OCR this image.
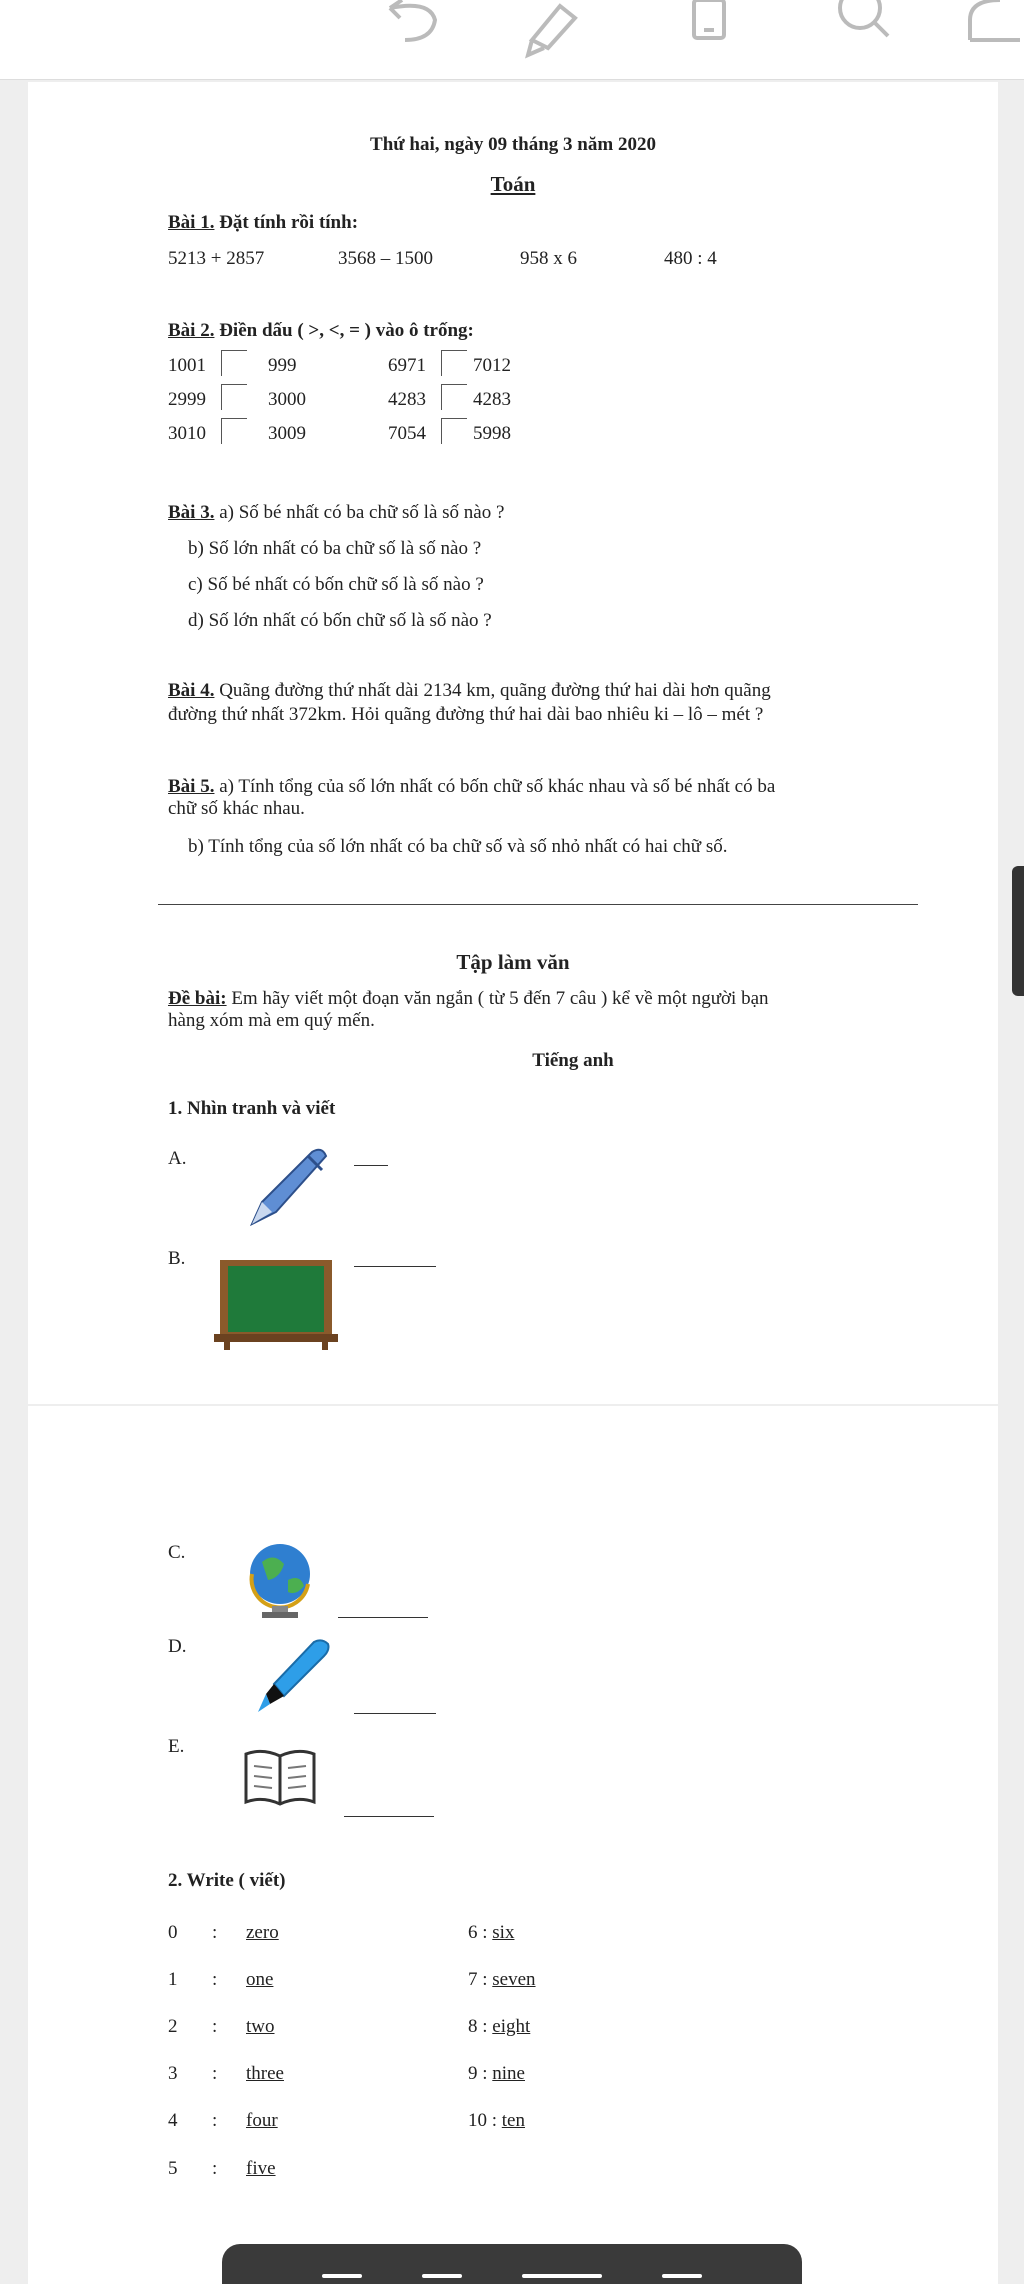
Thứ hai, ngày 09 tháng 3 năm 2020
Toán
Bài 1. Đặt tính rồi tính:
5213 + 2857	3568 – 1500	958 x 6	480 : 4
Bài 2. Điền dấu ( >, <, = ) vào ô trống:
1001	999	6971 7012
2999	3000	4283 4283
3010	3009	7054 5998
Bài 3. a) Số bé nhất có ba chữ số là số nào ?
b) Số lớn nhất có ba chữ số là số nào ?
c) Số bé nhất có bốn chữ số là số nào ?
d) Số lớn nhất có bốn chữ số là số nào ?
Bài 4. Quãng đường thứ nhất dài 2134 km, quãng đường thứ hai dài hơn quãng
đường thứ nhất 372km. Hỏi quãng đường thứ hai dài bao nhiêu ki – lô – mét ?
Bài 5. a) Tính tổng của số lớn nhất có bốn chữ số khác nhau và số bé nhất có ba
chữ số khác nhau.
b) Tính tổng của số lớn nhất có ba chữ số và số nhỏ nhất có hai chữ số.
Tập làm văn
Đề bài: Em hãy viết một đoạn văn ngắn ( từ 5 đến 7 câu ) kể về một người bạn
hàng xóm mà em quý mến.
Tiếng anh
1. Nhìn tranh và viết
A.
B.
C.
D.
E.
2. Write ( viết)
0 : zero
1 : one
2 : two
3 : three
4 : four
5 : five
6 : six
7 : seven
8 : eight
9 : nine
10 : ten
